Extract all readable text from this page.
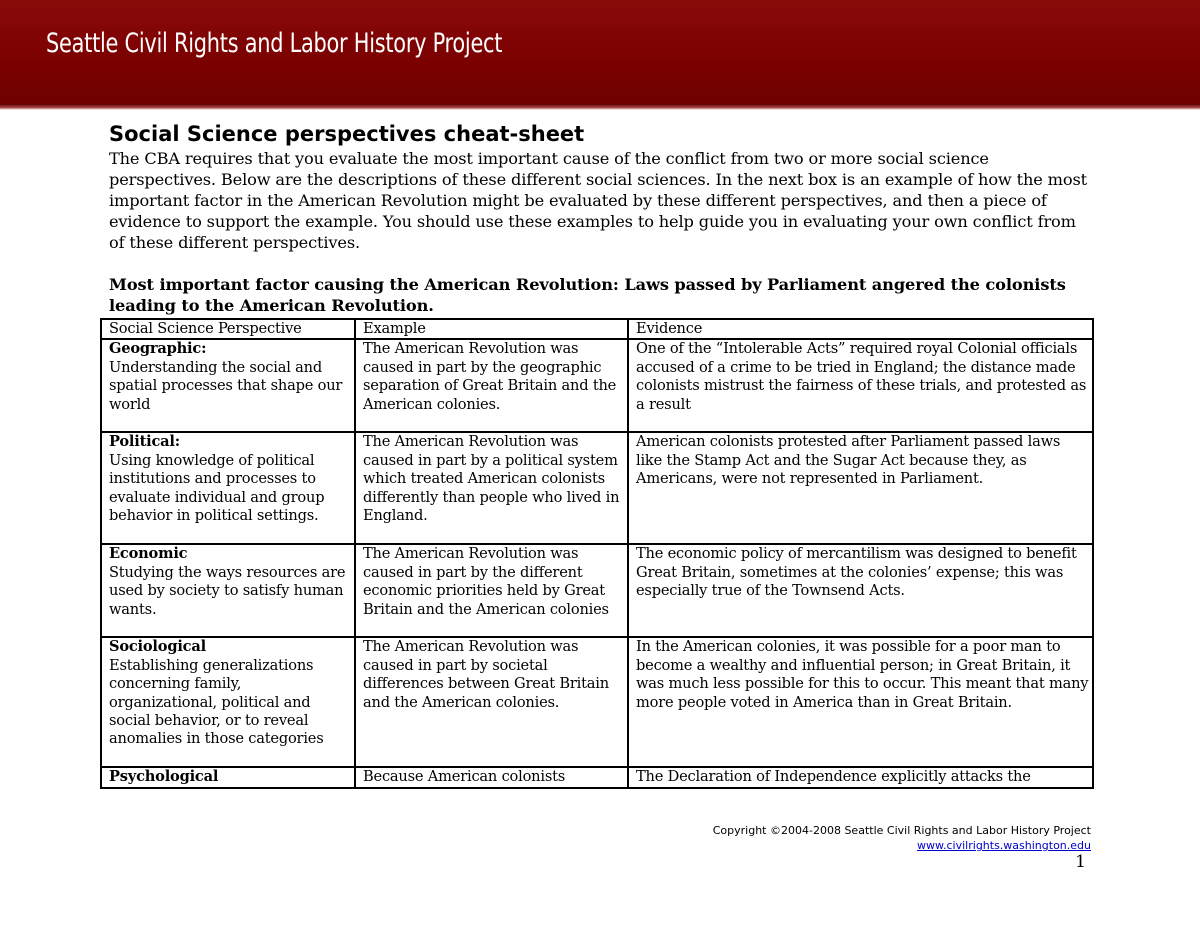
Seattle Civil Rights and Labor History Project
Social Science perspectives cheat-sheet

The CBA requires that you evaluate the most important cause of the conflict from two or more social science perspectives. Below are the descriptions of these different social sciences. In the next box is an example of how the most important factor in the American Revolution might be evaluated by these different perspectives, and then a piece of evidence to support the example. You should use these examples to help guide you in evaluating your own conflict from of these different perspectives.

Most important factor causing the American Revolution: Laws passed by Parliament angered the colonists leading to the American Revolution.

Social Science Perspective	Example	Evidence

Geographic:
Understanding the social and spatial processes that shape our world	The American Revolution was caused in part by the geographic separation of Great Britain and the American colonies.	One of the “Intolerable Acts” required royal Colonial officials accused of a crime to be tried in England; the distance made colonists mistrust the fairness of these trials, and protested as a result

Political:
Using knowledge of political institutions and processes to evaluate individual and group behavior in political settings.	The American Revolution was caused in part by a political system which treated American colonists differently than people who lived in England.	American colonists protested after Parliament passed laws like the Stamp Act and the Sugar Act because they, as Americans, were not represented in Parliament.

Economic
Studying the ways resources are used by society to satisfy human wants.	The American Revolution was caused in part by the different economic priorities held by Great Britain and the American colonies	The economic policy of mercantilism was designed to benefit Great Britain, sometimes at the colonies’ expense; this was especially true of the Townsend Acts.

Sociological
Establishing generalizations concerning family, organizational, political and social behavior, or to reveal anomalies in those categories	The American Revolution was caused in part by societal differences between Great Britain and the American colonies.	In the American colonies, it was possible for a poor man to become a wealthy and influential person; in Great Britain, it was much less possible for this to occur. This meant that many more people voted in America than in Great Britain.

Psychological	Because American colonists	The Declaration of Independence explicitly attacks the
Copyright ©2004-2008 Seattle Civil Rights and Labor History Project
www.civilrights.washington.edu
1
